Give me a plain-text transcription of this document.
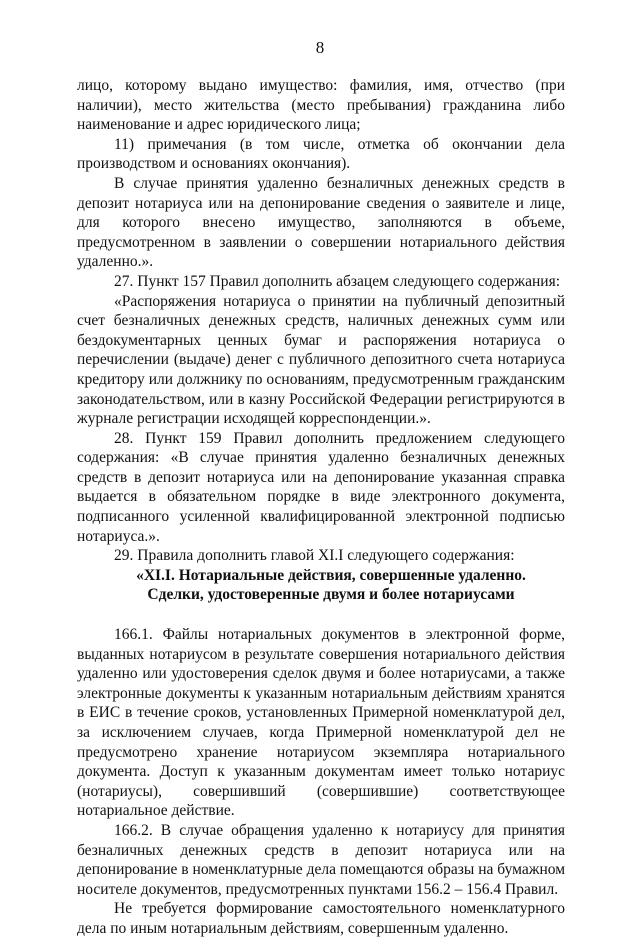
8

лицо, которому выдано имущество: фамилия, имя, отчество (при наличии), место жительства (место пребывания) гражданина либо наименование и адрес юридического лица;

11) примечания (в том числе, отметка об окончании дела производством и основаниях окончания).

В случае принятия удаленно безналичных денежных средств в депозит нотариуса или на депонирование сведения о заявителе и лице, для которого внесено имущество, заполняются в объеме, предусмотренном в заявлении о совершении нотариального действия удаленно.».

27. Пункт 157 Правил дополнить абзацем следующего содержания:

«Распоряжения нотариуса о принятии на публичный депозитный счет безналичных денежных средств, наличных денежных сумм или бездокументарных ценных бумаг и распоряжения нотариуса о перечислении (выдаче) денег с публичного депозитного счета нотариуса кредитору или должнику по основаниям, предусмотренным гражданским законодательством, или в казну Российской Федерации регистрируются в журнале регистрации исходящей корреспонденции.».

28. Пункт 159 Правил дополнить предложением следующего содержания: «В случае принятия удаленно безналичных денежных средств в депозит нотариуса или на депонирование указанная справка выдается в обязательном порядке в виде электронного документа, подписанного усиленной квалифицированной электронной подписью нотариуса.».

29. Правила дополнить главой XI.I следующего содержания:

«XI.I. Нотариальные действия, совершенные удаленно.

Сделки, удостоверенные двумя и более нотариусами

166.1. Файлы нотариальных документов в электронной форме, выданных нотариусом в результате совершения нотариального действия удаленно или удостоверения сделок двумя и более нотариусами, а также электронные документы к указанным нотариальным действиям хранятся в ЕИС в течение сроков, установленных Примерной номенклатурой дел, за исключением случаев, когда Примерной номенклатурой дел не предусмотрено хранение нотариусом экземпляра нотариального документа. Доступ к указанным документам имеет только нотариус (нотариусы), совершивший (совершившие) соответствующее нотариальное действие.

166.2. В случае обращения удаленно к нотариусу для принятия безналичных денежных средств в депозит нотариуса или на депонирование в номенклатурные дела помещаются образы на бумажном носителе документов, предусмотренных пунктами 156.2 – 156.4 Правил.

Не требуется формирование самостоятельного номенклатурного дела по иным нотариальным действиям, совершенным удаленно.
